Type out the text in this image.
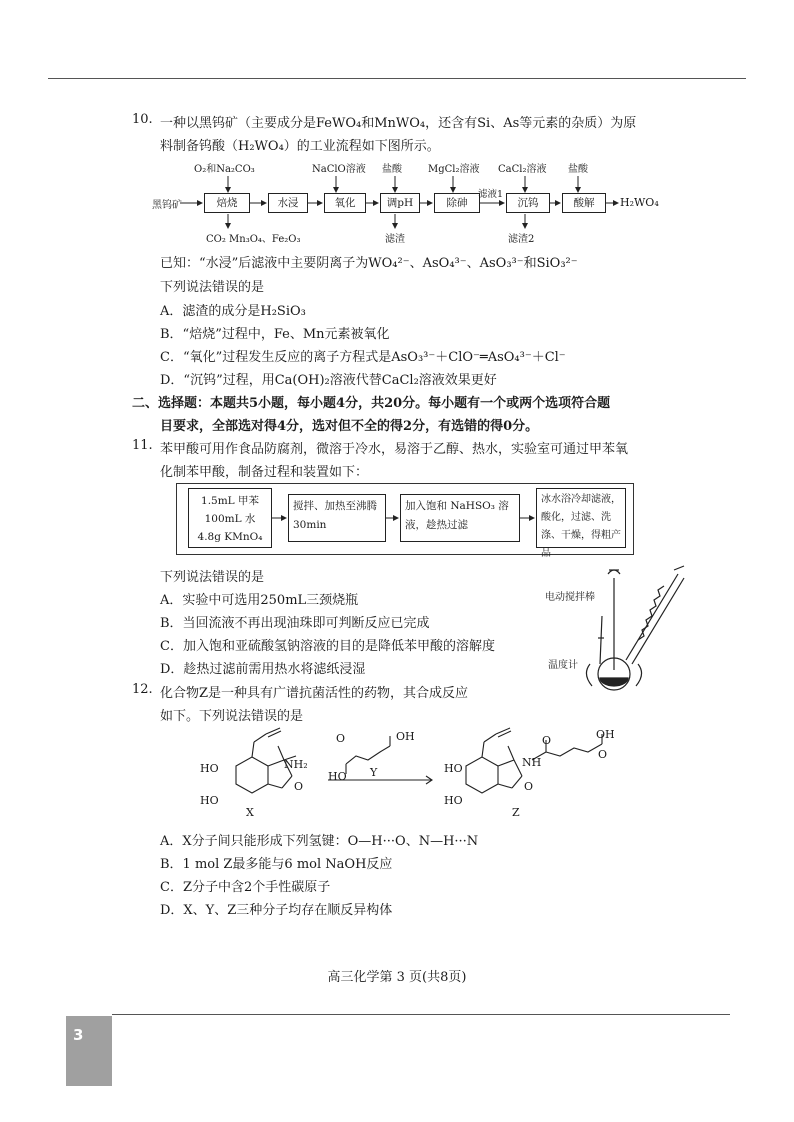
10. 一种以黑钨矿（主要成分是FeWO₄和MnWO₄，还含有Si、As等元素的杂质）为原
料制备钨酸（H₂WO₄）的工业流程如下图所示。
黑钨矿	焙烧	水浸	氧化	调pH	除砷	沉钨	酸解	H₂WO₄
O₂和Na₂CO₃	NaClO溶液 盐酸	MgCl₂溶液 CaCl₂溶液 盐酸
滤液1
CO₂ Mn₃O₄、Fe₂O₃	滤渣	滤渣2
已知：“水浸”后滤液中主要阴离子为WO₄²⁻、AsO₄³⁻、AsO₃³⁻和SiO₃²⁻
下列说法错误的是
A．滤渣的成分是H₂SiO₃
B．“焙烧”过程中，Fe、Mn元素被氧化
C．“氧化”过程发生反应的离子方程式是AsO₃³⁻＋ClO⁻═AsO₄³⁻＋Cl⁻
D．“沉钨”过程，用Ca(OH)₂溶液代替CaCl₂溶液效果更好
二、选择题：本题共5小题，每小题4分，共20分。每小题有一个或两个选项符合题
目要求，全部选对得4分，选对但不全的得2分，有选错的得0分。
11. 苯甲酸可用作食品防腐剂，微溶于冷水，易溶于乙醇、热水，实验室可通过甲苯氧
化制苯甲酸，制备过程和装置如下：
1.5mL 甲苯
100mL 水
4.8g KMnO₄
搅拌、加热至沸腾30min
加入饱和 NaHSO₃ 溶液，趁热过滤
冰水浴冷却滤液，酸化，过滤、洗涤、干燥，得粗产品
下列说法错误的是
A．实验中可选用250mL三颈烧瓶
B．当回流液不再出现油珠即可判断反应已完成
C．加入饱和亚硫酸氢钠溶液的目的是降低苯甲酸的溶解度
D．趁热过滤前需用热水将滤纸浸湿
电动搅拌棒
温度计
12. 化合物Z是一种具有广谱抗菌活性的药物，其合成反应
如下。下列说法错误的是
HO
HO
NH₂
O
X
O	OH
HO Y	HO
HO
NH
O
O	OH
O
Z
A．X分子间只能形成下列氢键：O—H···O、N—H···N
B．1 mol Z最多能与6 mol NaOH反应
C．Z分子中含2个手性碳原子
D．X、Y、Z三种分子均存在顺反异构体
高三化学第 3 页(共8页)
3
